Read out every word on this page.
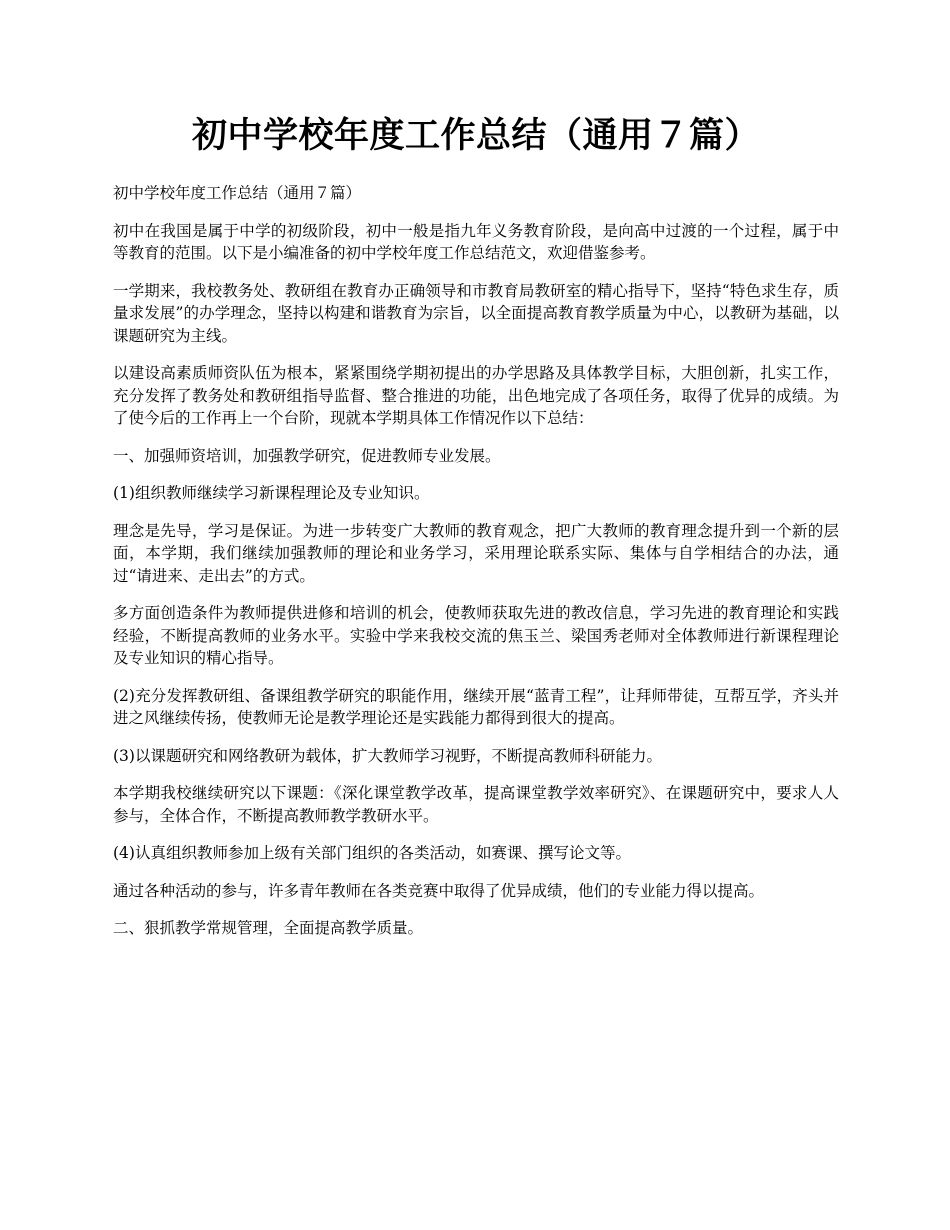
初中学校年度工作总结（通用７篇）

初中学校年度工作总结（通用７篇）

初中在我国是属于中学的初级阶段，初中一般是指九年义务教育阶段，是向高中过渡的一个过程，属于中等教育的范围。以下是小编准备的初中学校年度工作总结范文，欢迎借鉴参考。

一学期来，我校教务处、教研组在教育办正确领导和市教育局教研室的精心指导下，坚持“特色求生存，质量求发展”的办学理念，坚持以构建和谐教育为宗旨，以全面提高教育教学质量为中心，以教研为基础，以课题研究为主线。

以建设高素质师资队伍为根本，紧紧围绕学期初提出的办学思路及具体教学目标，大胆创新，扎实工作，充分发挥了教务处和教研组指导监督、整合推进的功能，出色地完成了各项任务，取得了优异的成绩。为了使今后的工作再上一个台阶，现就本学期具体工作情况作以下总结：

一、加强师资培训，加强教学研究，促进教师专业发展。

(1)组织教师继续学习新课程理论及专业知识。

理念是先导，学习是保证。为进一步转变广大教师的教育观念，把广大教师的教育理念提升到一个新的层面，本学期，我们继续加强教师的理论和业务学习，采用理论联系实际、集体与自学相结合的办法，通过“请进来、走出去”的方式。

多方面创造条件为教师提供进修和培训的机会，使教师获取先进的教改信息，学习先进的教育理论和实践经验，不断提高教师的业务水平。实验中学来我校交流的焦玉兰、梁国秀老师对全体教师进行新课程理论及专业知识的精心指导。

(2)充分发挥教研组、备课组教学研究的职能作用，继续开展“蓝青工程”，让拜师带徒，互帮互学，齐头并进之风继续传扬，使教师无论是教学理论还是实践能力都得到很大的提高。

(3)以课题研究和网络教研为载体，扩大教师学习视野，不断提高教师科研能力。

本学期我校继续研究以下课题：《深化课堂教学改革，提高课堂教学效率研究》、在课题研究中，要求人人参与，全体合作，不断提高教师教学教研水平。

(4)认真组织教师参加上级有关部门组织的各类活动，如赛课、撰写论文等。

通过各种活动的参与，许多青年教师在各类竞赛中取得了优异成绩，他们的专业能力得以提高。

二、狠抓教学常规管理，全面提高教学质量。
